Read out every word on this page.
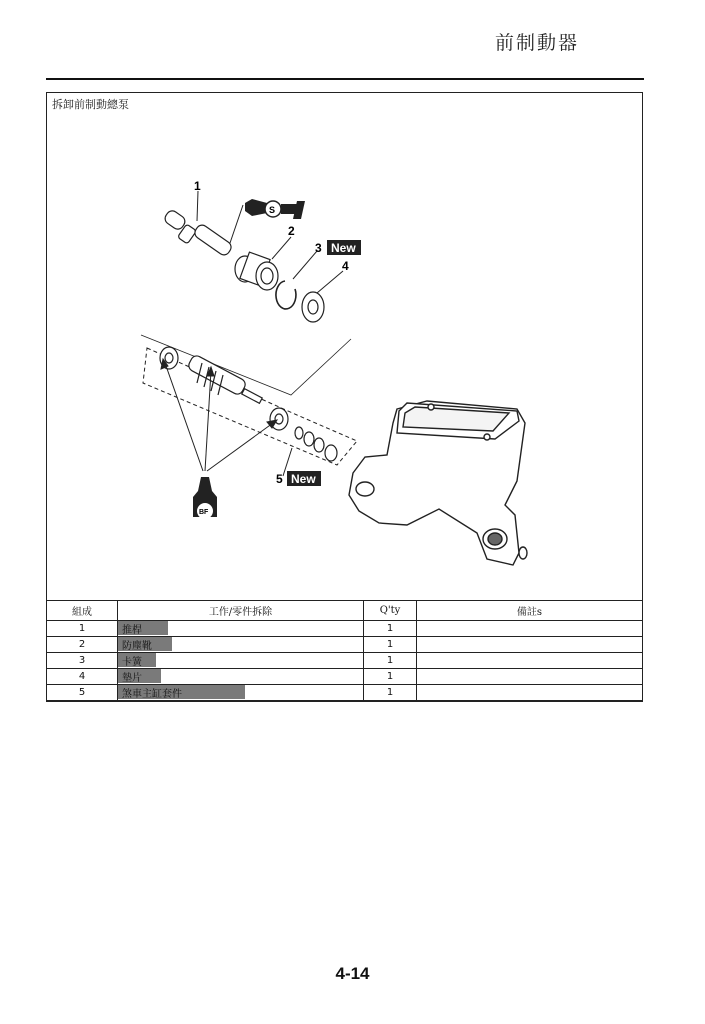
前制動器
拆卸前制動總泵
1
S
2
3 New
4
5 New
BF
組成	工作/零件拆除	Q'ty	備註s
1	推桿	1	
2	防塵靴	1	
3	卡簧	1	
4	墊片	1	
5	煞車主缸套件	1	
4-14
